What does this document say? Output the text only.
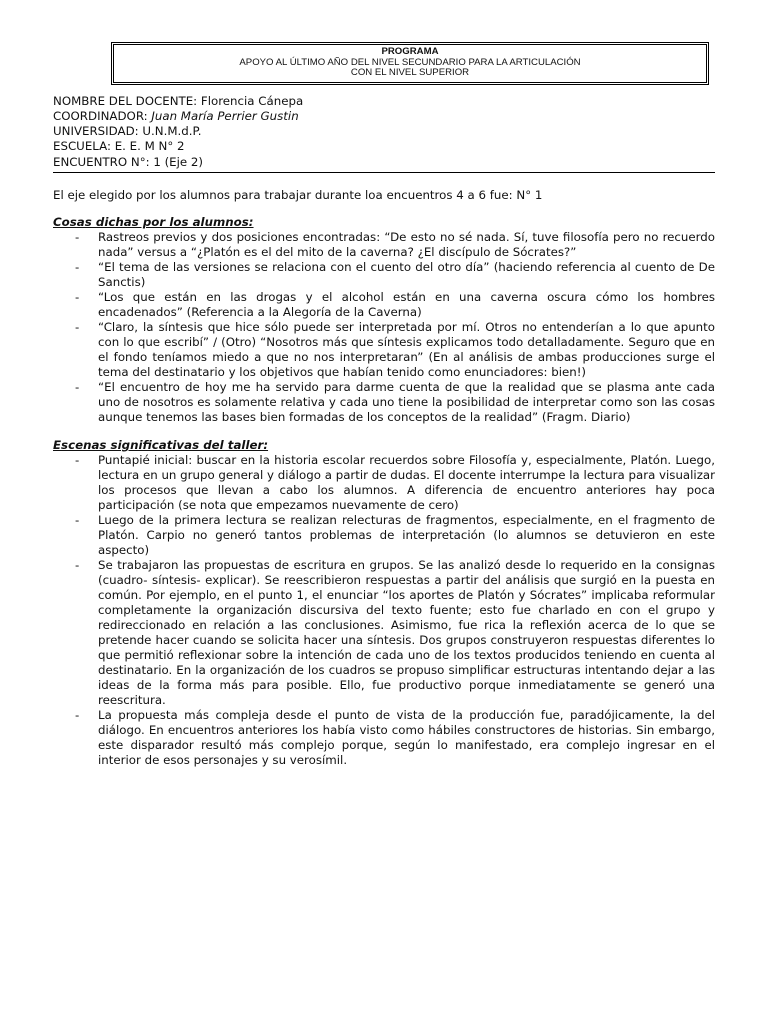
PROGRAMA
APOYO AL ÚLTIMO AÑO DEL NIVEL SECUNDARIO PARA LA ARTICULACIÓN
CON EL NIVEL SUPERIOR
NOMBRE DEL DOCENTE: Florencia Cánepa
COORDINADOR: Juan María Perrier Gustin
UNIVERSIDAD: U.N.M.d.P.
ESCUELA: E. E. M N° 2
ENCUENTRO N°: 1 (Eje 2)
El eje elegido por los alumnos para trabajar durante loa encuentros 4 a 6 fue: N° 1
Cosas dichas por los alumnos:
- Rastreos previos y dos posiciones encontradas: “De esto no sé nada. Sí, tuve filosofía pero no recuerdo nada” versus a “¿Platón es el del mito de la caverna? ¿El discípulo de Sócrates?”
- “El tema de las versiones se relaciona con el cuento del otro día” (haciendo referencia al cuento de De Sanctis)
- “Los que están en las drogas y el alcohol están en una caverna oscura cómo los hombres encadenados” (Referencia a la Alegoría de la Caverna)
- “Claro, la síntesis que hice sólo puede ser interpretada por mí. Otros no entenderían a lo que apunto con lo que escribí” / (Otro) “Nosotros más que síntesis explicamos todo detalladamente. Seguro que en el fondo teníamos miedo a que no nos interpretaran” (En al análisis de ambas producciones surge el tema del destinatario y los objetivos que habían tenido como enunciadores: bien!)
- “El encuentro de hoy me ha servido para darme cuenta de que la realidad que se plasma ante cada uno de nosotros es solamente relativa y cada uno tiene la posibilidad de interpretar como son las cosas aunque tenemos las bases bien formadas de los conceptos de la realidad” (Fragm. Diario)
Escenas significativas del taller:
- Puntapié inicial: buscar en la historia escolar recuerdos sobre Filosofía y, especialmente, Platón. Luego, lectura en un grupo general y diálogo a partir de dudas. El docente interrumpe la lectura para visualizar los procesos que llevan a cabo los alumnos. A diferencia de encuentro anteriores hay poca participación (se nota que empezamos nuevamente de cero)
- Luego de la primera lectura se realizan relecturas de fragmentos, especialmente, en el fragmento de Platón. Carpio no generó tantos problemas de interpretación (lo alumnos se detuvieron en este aspecto)
- Se trabajaron las propuestas de escritura en grupos. Se las analizó desde lo requerido en la consignas (cuadro- síntesis- explicar). Se reescribieron respuestas a partir del análisis que surgió en la puesta en común. Por ejemplo, en el punto 1, el enunciar “los aportes de Platón y Sócrates” implicaba reformular completamente la organización discursiva del texto fuente; esto fue charlado en con el grupo y redireccionado en relación a las conclusiones. Asimismo, fue rica la reflexión acerca de lo que se pretende hacer cuando se solicita hacer una síntesis. Dos grupos construyeron respuestas diferentes lo que permitió reflexionar sobre la intención de cada uno de los textos producidos teniendo en cuenta al destinatario. En la organización de los cuadros se propuso simplificar estructuras intentando dejar a las ideas de la forma más para posible. Ello, fue productivo porque inmediatamente se generó una reescritura.
- La propuesta más compleja desde el punto de vista de la producción fue, paradójicamente, la del diálogo. En encuentros anteriores los había visto como hábiles constructores de historias. Sin embargo, este disparador resultó más complejo porque, según lo manifestado, era complejo ingresar en el interior de esos personajes y su verosímil.
